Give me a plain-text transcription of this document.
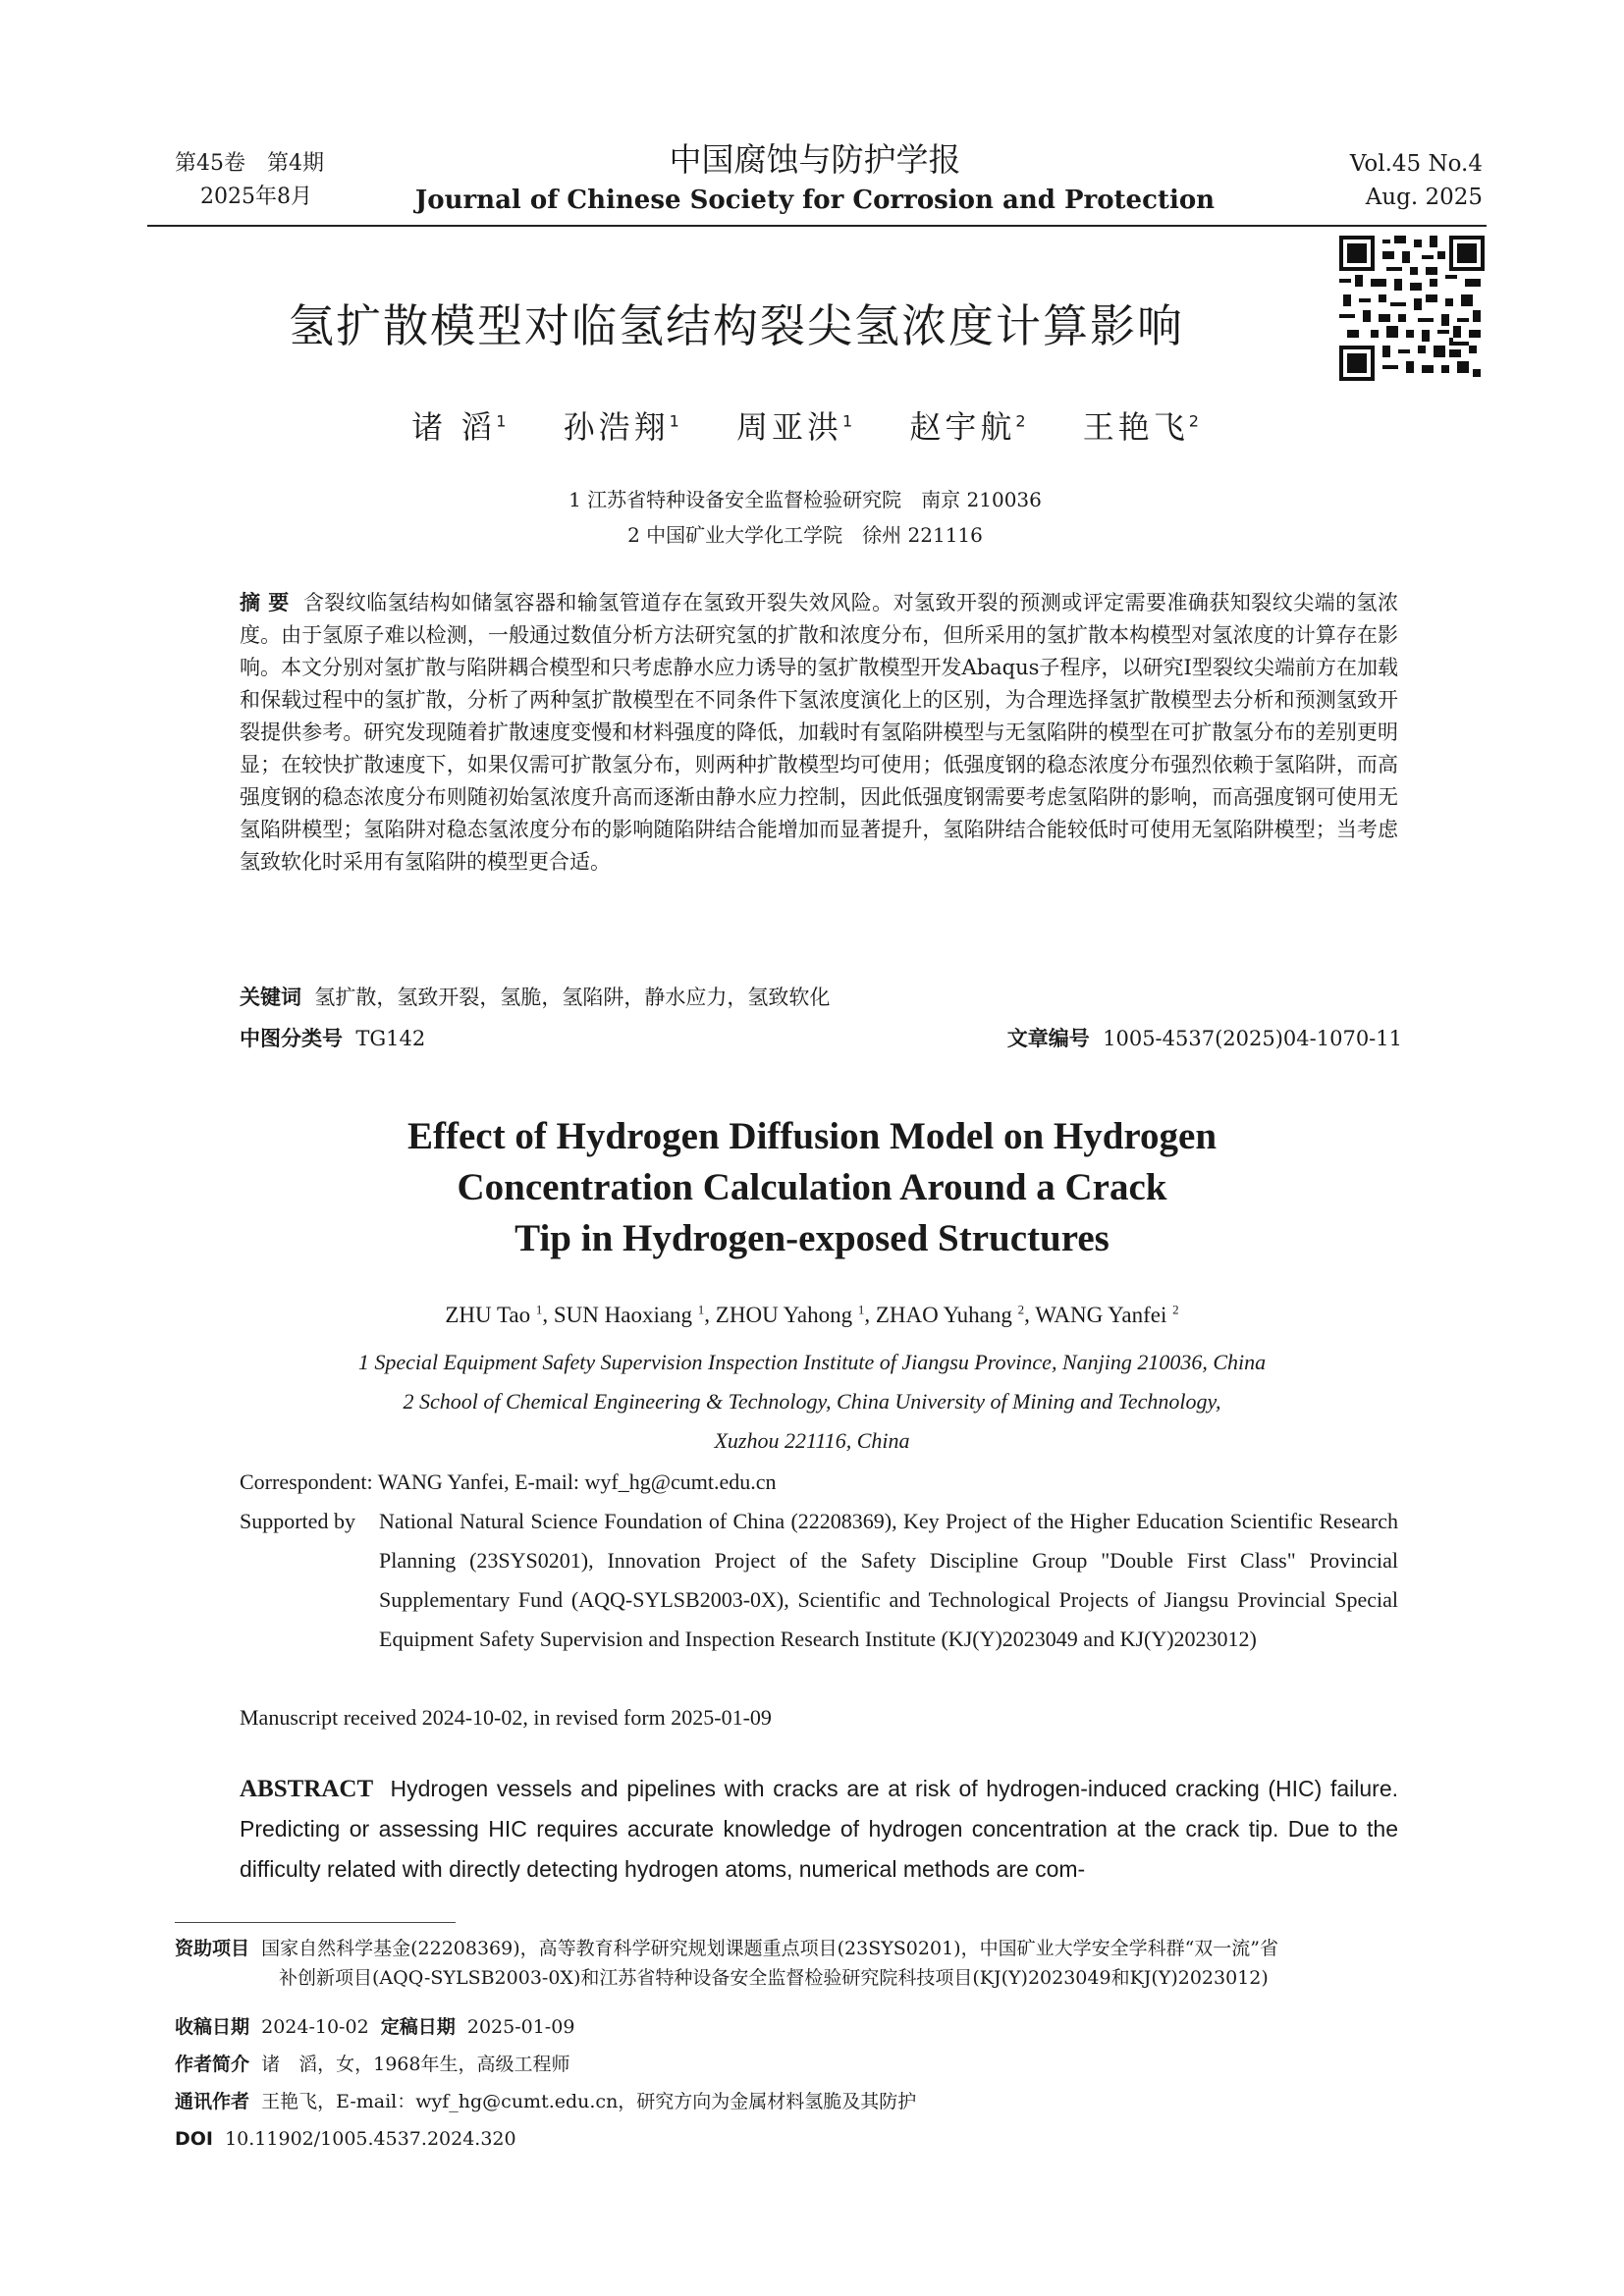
第45卷　第4期
2025年8月
中国腐蚀与防护学报
Journal of Chinese Society for Corrosion and Protection
Vol.45 No.4
Aug. 2025
氢扩散模型对临氢结构裂尖氢浓度计算影响
诸 滔$^1$ 孙浩翔$^1$ 周亚洪$^1$ 赵宇航$^2$ 王艳飞$^2$
1 江苏省特种设备安全监督检验研究院　南京 210036
2 中国矿业大学化工学院　徐州 221116
摘 要 含裂纹临氢结构如储氢容器和输氢管道存在氢致开裂失效风险。对氢致开裂的预测或评定需要准确获知裂纹尖端的氢浓度。由于氢原子难以检测，一般通过数值分析方法研究氢的扩散和浓度分布，但所采用的氢扩散本构模型对氢浓度的计算存在影响。本文分别对氢扩散与陷阱耦合模型和只考虑静水应力诱导的氢扩散模型开发Abaqus子程序，以研究I型裂纹尖端前方在加载和保载过程中的氢扩散，分析了两种氢扩散模型在不同条件下氢浓度演化上的区别，为合理选择氢扩散模型去分析和预测氢致开裂提供参考。研究发现随着扩散速度变慢和材料强度的降低，加载时有氢陷阱模型与无氢陷阱的模型在可扩散氢分布的差别更明显；在较快扩散速度下，如果仅需可扩散氢分布，则两种扩散模型均可使用；低强度钢的稳态浓度分布强烈依赖于氢陷阱，而高强度钢的稳态浓度分布则随初始氢浓度升高而逐渐由静水应力控制，因此低强度钢需要考虑氢陷阱的影响，而高强度钢可使用无氢陷阱模型；氢陷阱对稳态氢浓度分布的影响随陷阱结合能增加而显著提升，氢陷阱结合能较低时可使用无氢陷阱模型；当考虑氢致软化时采用有氢陷阱的模型更合适。
关键词 氢扩散，氢致开裂，氢脆，氢陷阱，静水应力，氢致软化
中图分类号 TG142	文章编号 1005-4537(2025)04-1070-11
Effect of Hydrogen Diffusion Model on Hydrogen
Concentration Calculation Around a Crack
Tip in Hydrogen-exposed Structures
ZHU Tao $^1$, SUN Haoxiang $^1$, ZHOU Yahong $^1$, ZHAO Yuhang $^2$, WANG Yanfei $^2$
1 Special Equipment Safety Supervision Inspection Institute of Jiangsu Province, Nanjing 210036, China
2 School of Chemical Engineering & Technology, China University of Mining and Technology,
Xuzhou 221116, China
Correspondent: WANG Yanfei, E-mail: wyf_hg@cumt.edu.cn
Supported by National Natural Science Foundation of China (22208369), Key Project of the Higher Education Scientific Research Planning (23SYS0201), Innovation Project of the Safety Discipline Group "Double First Class" Provincial Supplementary Fund (AQQ-SYLSB2003-0X), Scientific and Technological Projects of Jiangsu Provincial Special Equipment Safety Supervision and Inspection Research Institute (KJ(Y)2023049 and KJ(Y)2023012)
Manuscript received 2024-10-02, in revised form 2025-01-09
ABSTRACT Hydrogen vessels and pipelines with cracks are at risk of hydrogen-induced cracking (HIC) failure. Predicting or assessing HIC requires accurate knowledge of hydrogen concentration at the crack tip. Due to the difficulty related with directly detecting hydrogen atoms, numerical methods are com-
资助项目 国家自然科学基金(22208369)，高等教育科学研究规划课题重点项目(23SYS0201)，中国矿业大学安全学科群“双一流”省
补创新项目(AQQ-SYLSB2003-0X)和江苏省特种设备安全监督检验研究院科技项目(KJ(Y)2023049和KJ(Y)2023012)
收稿日期 2024-10-02 定稿日期 2025-01-09
作者简介 诸　滔，女，1968年生，高级工程师
通讯作者 王艳飞，E-mail：wyf_hg@cumt.edu.cn，研究方向为金属材料氢脆及其防护
DOI 10.11902/1005.4537.2024.320
